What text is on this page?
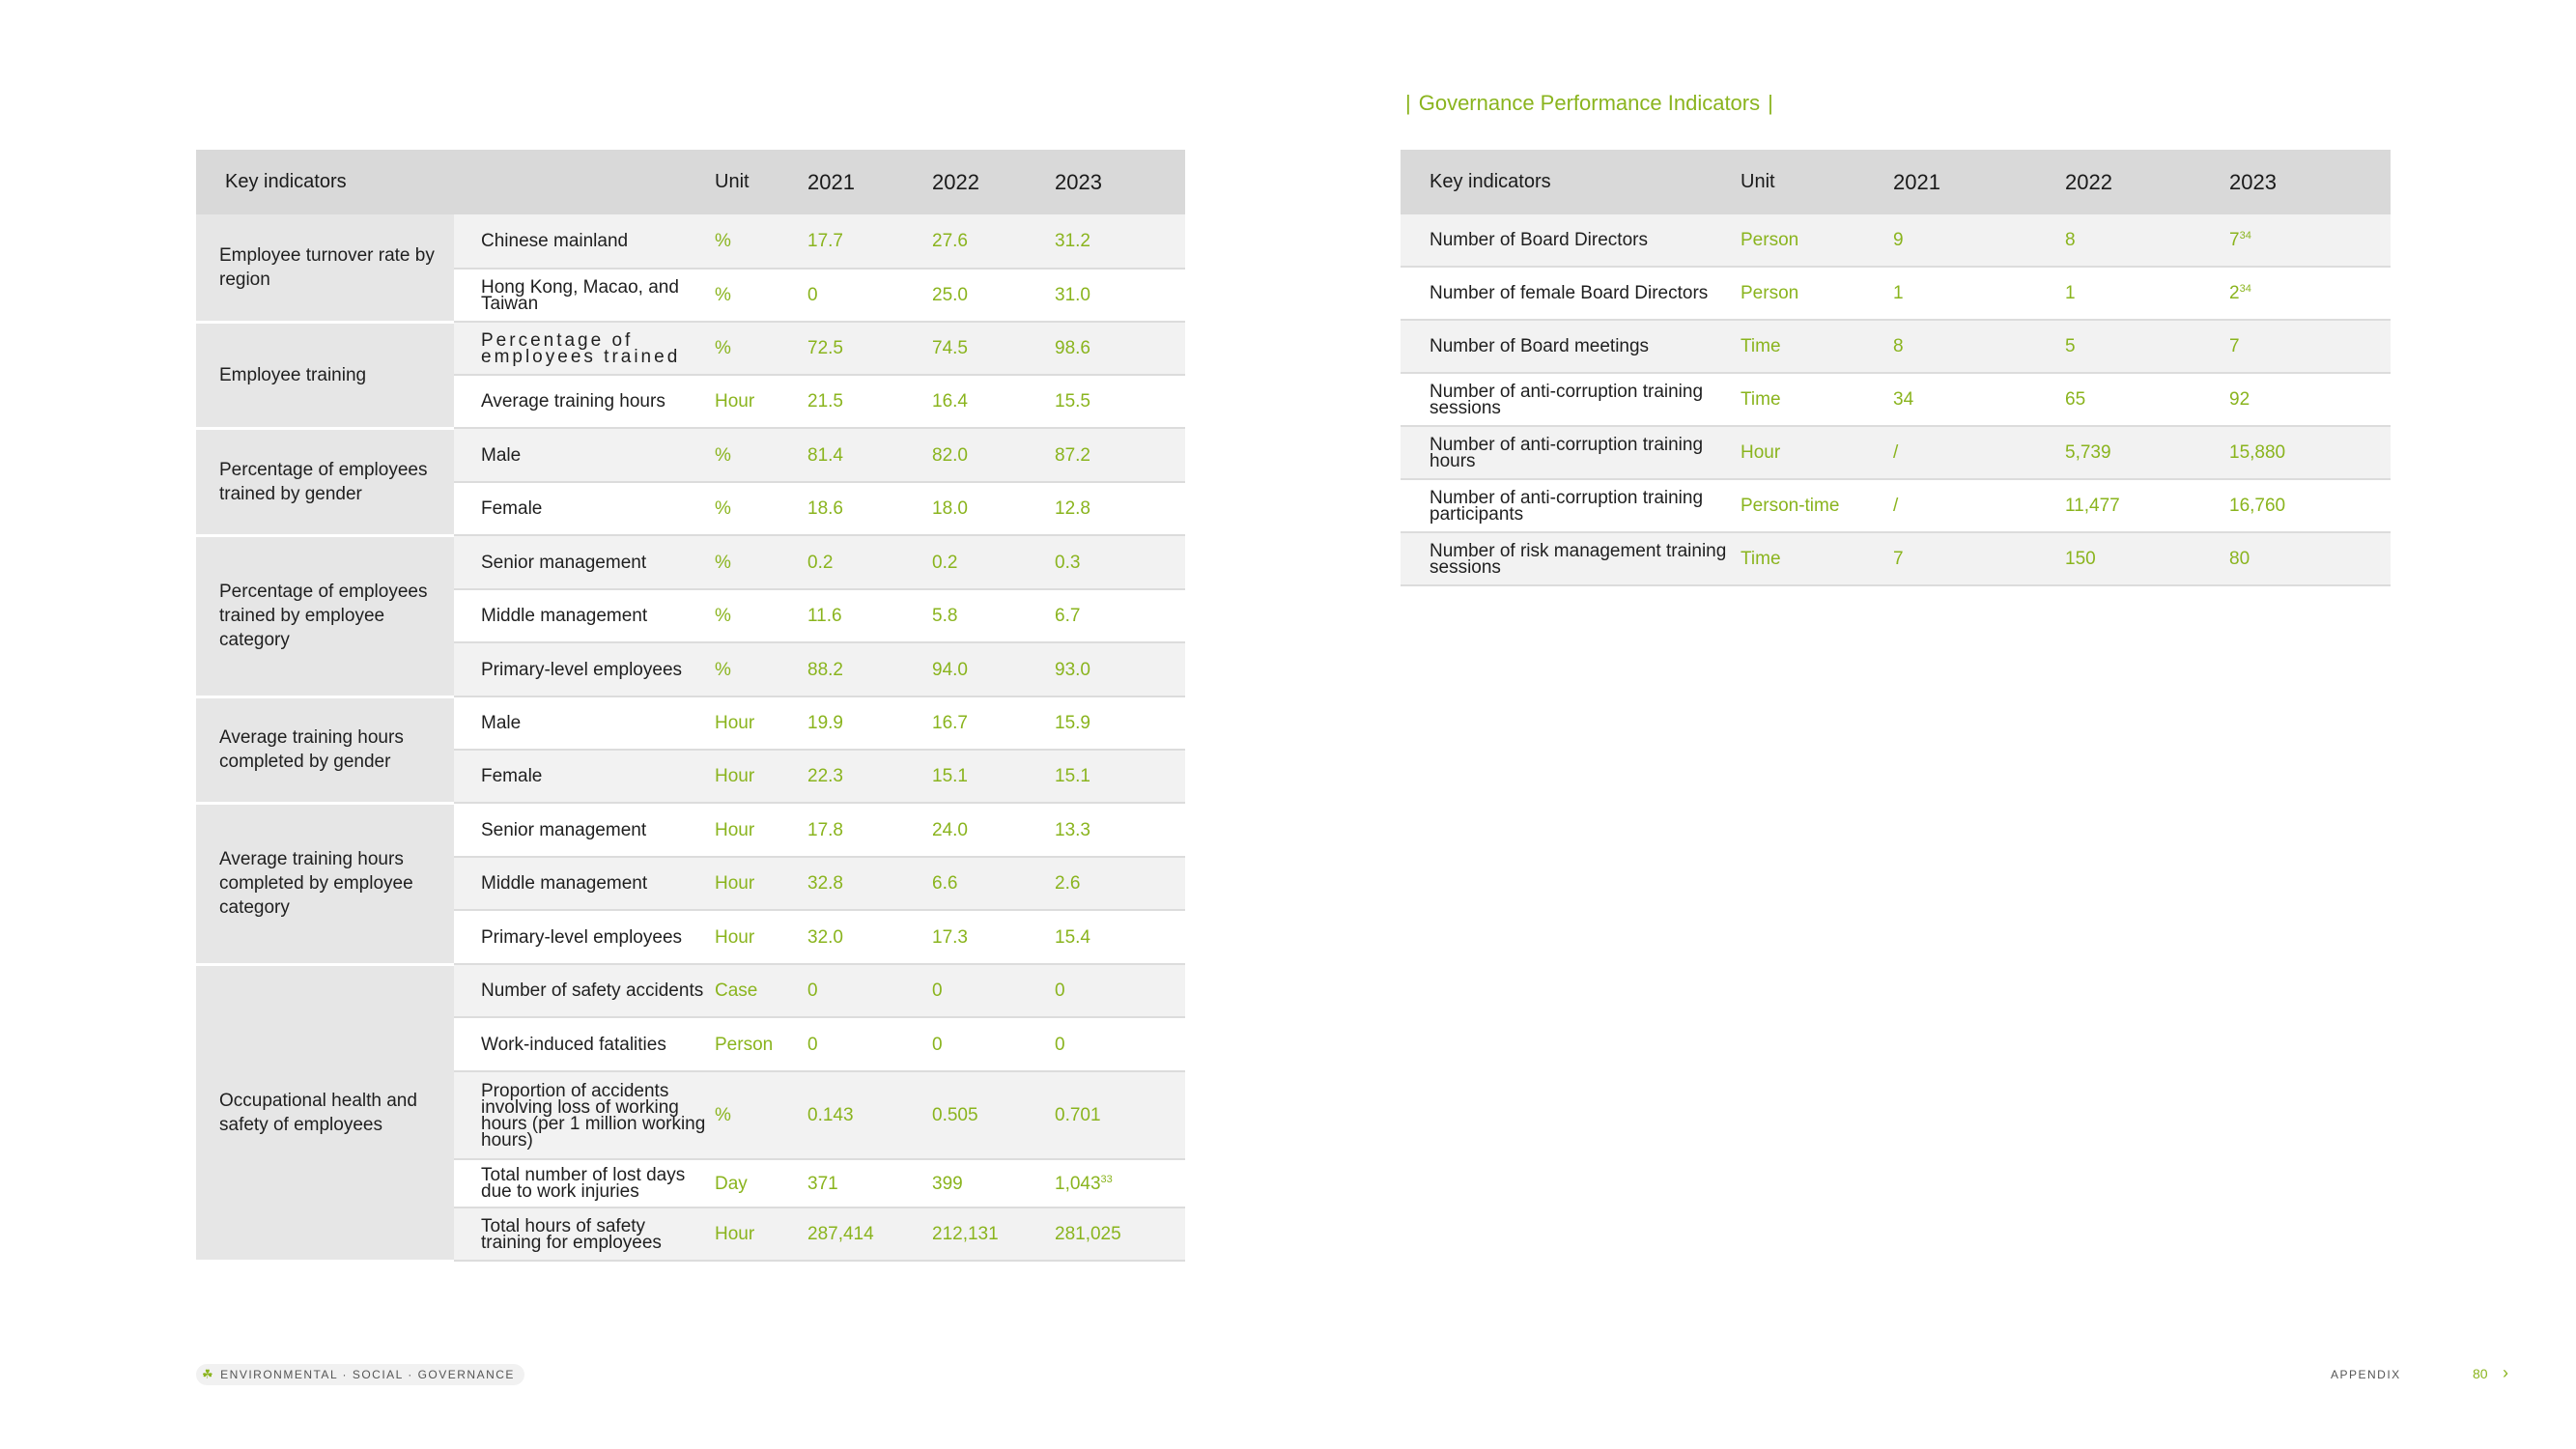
Key indicators		Unit	2021	2022	2023
Employee turnover rate by region	Chinese mainland	%	17.7	27.6	31.2
	Hong Kong, Macao, and Taiwan	%	0	25.0	31.0
Employee training	Percentage of employees trained	%	72.5	74.5	98.6
	Average training hours	Hour	21.5	16.4	15.5
Percentage of employees trained by gender	Male	%	81.4	82.0	87.2
	Female	%	18.6	18.0	12.8
Percentage of employees trained by employee category	Senior management	%	0.2	0.2	0.3
	Middle management	%	11.6	5.8	6.7
	Primary-level employees	%	88.2	94.0	93.0
Average training hours completed by gender	Male	Hour	19.9	16.7	15.9
	Female	Hour	22.3	15.1	15.1
Average training hours completed by employee category	Senior management	Hour	17.8	24.0	13.3
	Middle management	Hour	32.8	6.6	2.6
	Primary-level employees	Hour	32.0	17.3	15.4
Occupational health and safety of employees	Number of safety accidents	Case	0	0	0
	Work-induced fatalities	Person	0	0	0
	Proportion of accidents involving loss of working hours (per 1 million working hours)	%	0.143	0.505	0.701
	Total number of lost days due to work injuries	Day	371	399	1,043$^{33}$
	Total hours of safety training for employees	Hour	287,414	212,131	281,025
| Governance Performance Indicators |
Key indicators	Unit	2021	2022	2023
Number of Board Directors	Person	9	8	$7^{34}$
Number of female Board Directors	Person	1	1	$2^{34}$
Number of Board meetings	Time	8	5	7
Number of anti-corruption training sessions	Time	34	65	92
Number of anti-corruption training hours	Hour	/	5,739	15,880
Number of anti-corruption training participants	Person-time	/	11,477	16,760
Number of risk management training sessions	Time	7	150	80
☘ ENVIRONMENTAL · SOCIAL · GOVERNANCE	APPENDIX	80 ›
